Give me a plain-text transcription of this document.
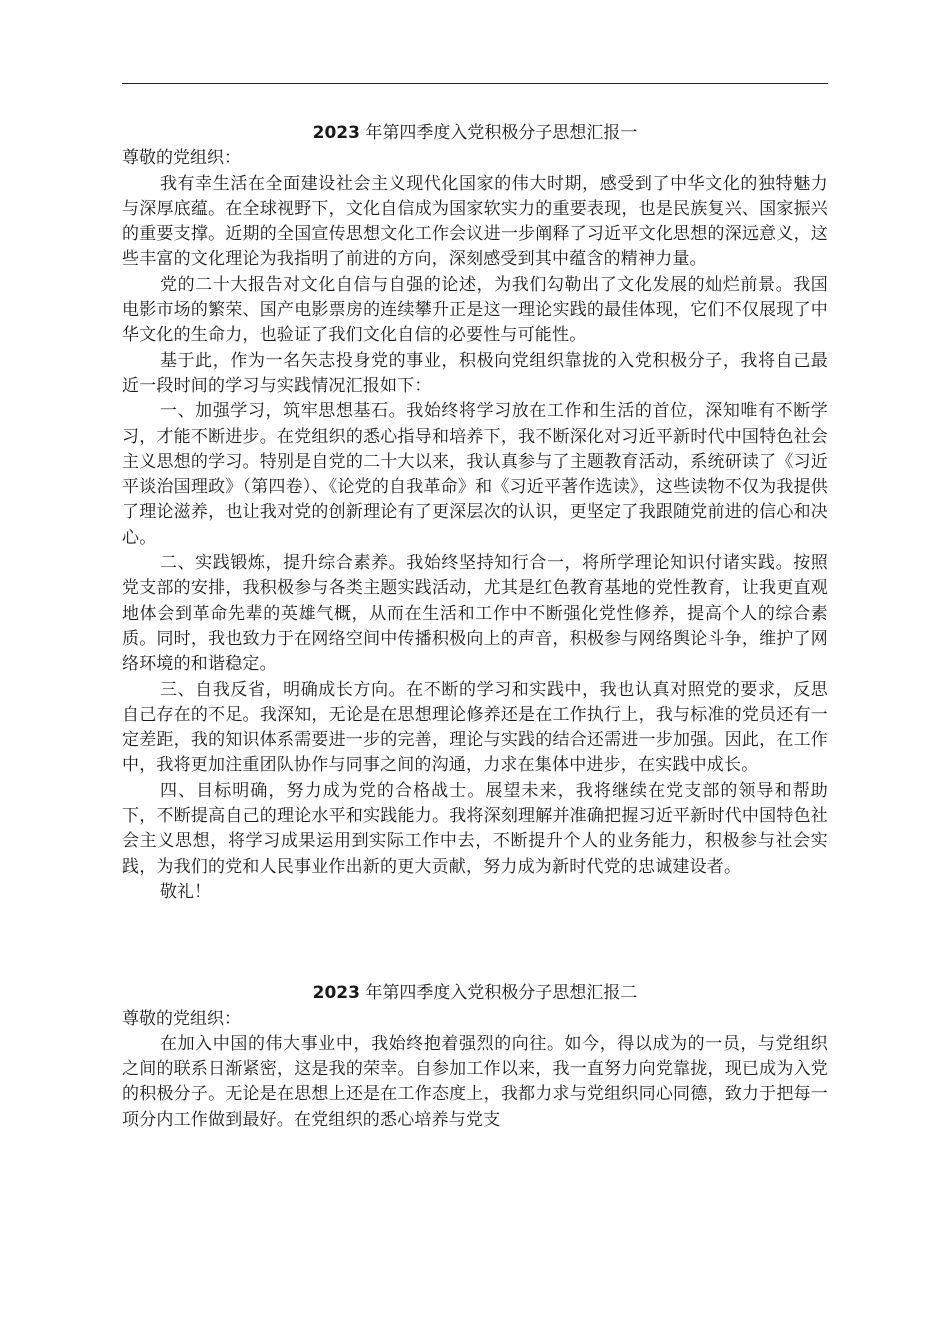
2023 年第四季度入党积极分子思想汇报一

尊敬的党组织：

我有幸生活在全面建设社会主义现代化国家的伟大时期，感受到了中华文化的独特魅力与深厚底蕴。在全球视野下，文化自信成为国家软实力的重要表现，也是民族复兴、国家振兴的重要支撑。近期的全国宣传思想文化工作会议进一步阐释了习近平文化思想的深远意义，这些丰富的文化理论为我指明了前进的方向，深刻感受到其中蕴含的精神力量。

党的二十大报告对文化自信与自强的论述，为我们勾勒出了文化发展的灿烂前景。我国电影市场的繁荣、国产电影票房的连续攀升正是这一理论实践的最佳体现，它们不仅展现了中华文化的生命力，也验证了我们文化自信的必要性与可能性。

基于此，作为一名矢志投身党的事业，积极向党组织靠拢的入党积极分子，我将自己最近一段时间的学习与实践情况汇报如下：

一、加强学习，筑牢思想基石。我始终将学习放在工作和生活的首位，深知唯有不断学习，才能不断进步。在党组织的悉心指导和培养下，我不断深化对习近平新时代中国特色社会主义思想的学习。特别是自党的二十大以来，我认真参与了主题教育活动，系统研读了《习近平谈治国理政》（第四卷）、《论党的自我革命》和《习近平著作选读》，这些读物不仅为我提供了理论滋养，也让我对党的创新理论有了更深层次的认识，更坚定了我跟随党前进的信心和决心。

二、实践锻炼，提升综合素养。我始终坚持知行合一，将所学理论知识付诸实践。按照党支部的安排，我积极参与各类主题实践活动，尤其是红色教育基地的党性教育，让我更直观地体会到革命先辈的英雄气概，从而在生活和工作中不断强化党性修养，提高个人的综合素质。同时，我也致力于在网络空间中传播积极向上的声音，积极参与网络舆论斗争，维护了网络环境的和谐稳定。

三、自我反省，明确成长方向。在不断的学习和实践中，我也认真对照党的要求，反思自己存在的不足。我深知，无论是在思想理论修养还是在工作执行上，我与标准的党员还有一定差距，我的知识体系需要进一步的完善，理论与实践的结合还需进一步加强。因此，在工作中，我将更加注重团队协作与同事之间的沟通，力求在集体中进步，在实践中成长。

四、目标明确，努力成为党的合格战士。展望未来，我将继续在党支部的领导和帮助下，不断提高自己的理论水平和实践能力。我将深刻理解并准确把握习近平新时代中国特色社会主义思想，将学习成果运用到实际工作中去，不断提升个人的业务能力，积极参与社会实践，为我们的党和人民事业作出新的更大贡献，努力成为新时代党的忠诚建设者。

敬礼！

2023 年第四季度入党积极分子思想汇报二

尊敬的党组织：

在加入中国的伟大事业中，我始终抱着强烈的向往。如今，得以成为的一员，与党组织之间的联系日渐紧密，这是我的荣幸。自参加工作以来，我一直努力向党靠拢，现已成为入党的积极分子。无论是在思想上还是在工作态度上，我都力求与党组织同心同德，致力于把每一项分内工作做到最好。在党组织的悉心培养与党支
